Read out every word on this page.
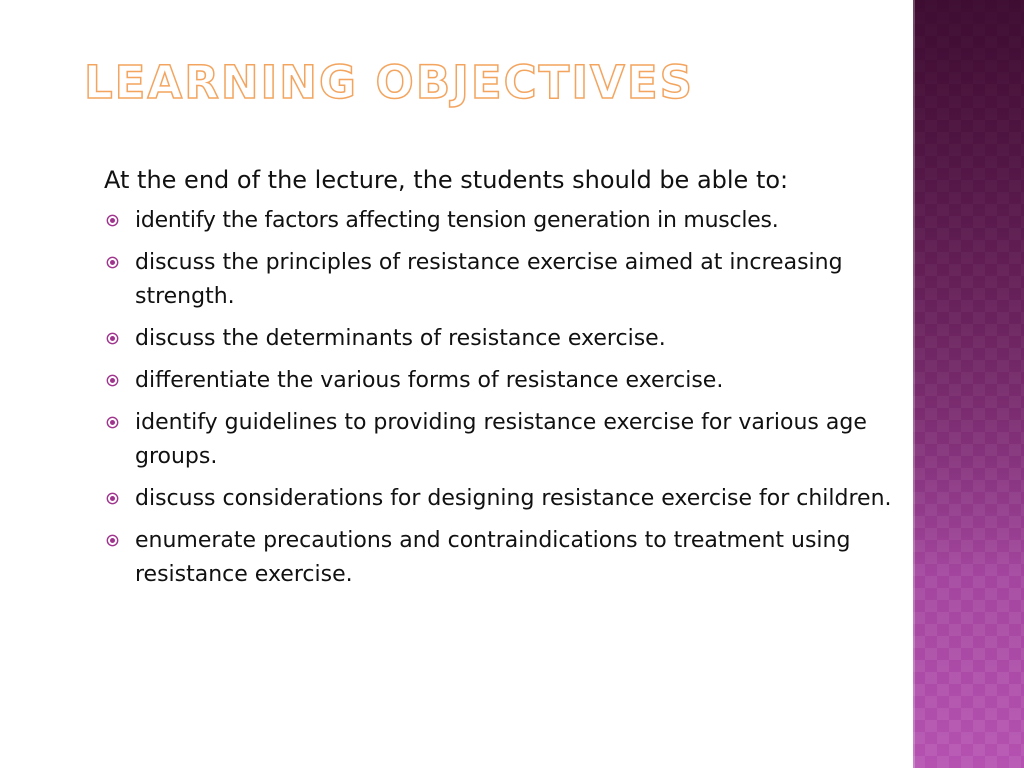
LEARNING OBJECTIVES

At the end of the lecture, the students should be able to:

identify the factors affecting tension generation in muscles.
discuss the principles of resistance exercise aimed at increasing strength.
discuss the determinants of resistance exercise.
differentiate the various forms of resistance exercise.
identify guidelines to providing resistance exercise for various age groups.
discuss considerations for designing resistance exercise for children.
enumerate precautions and contraindications to treatment using resistance exercise.
